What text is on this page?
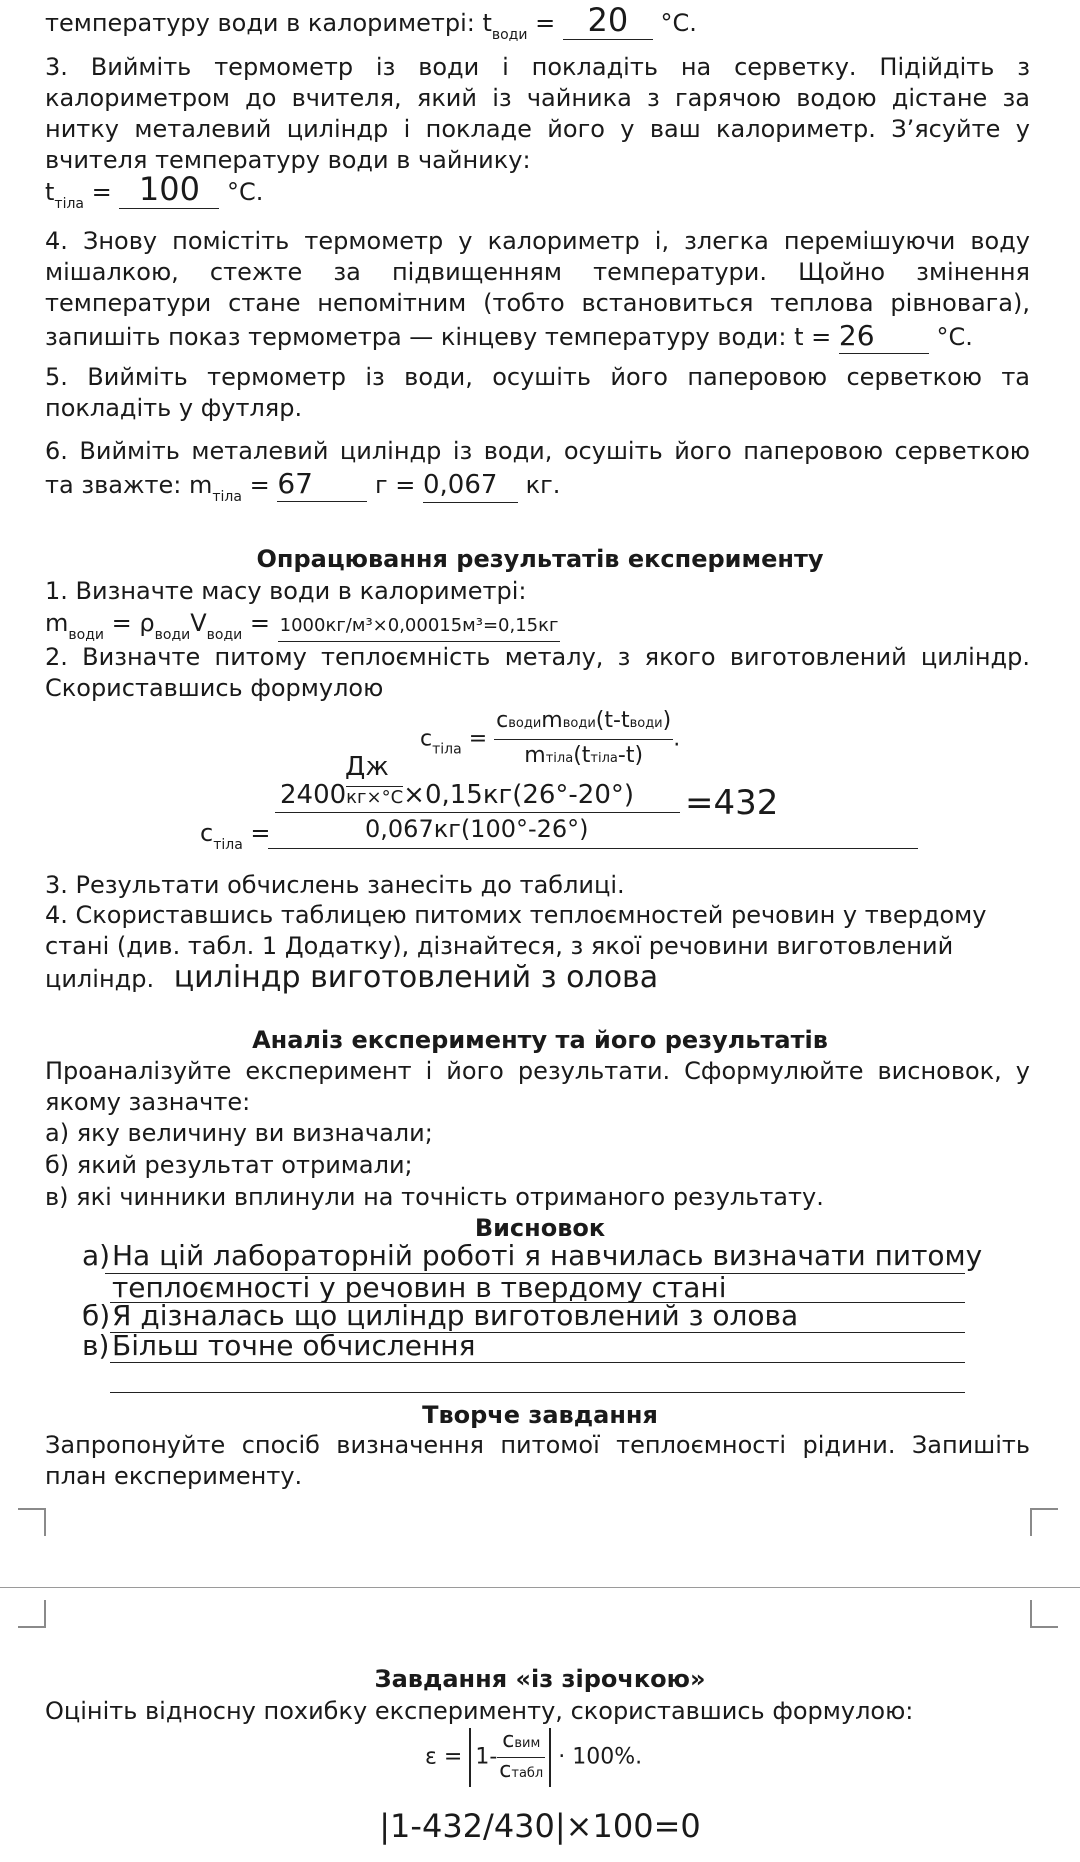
температуру води в калориметрі: $t_{води} = 20$ °С.

3. Вийміть термометр із води і покладіть на серветку. Підійдіть з калориметром до вчителя, який із чайника з гарячою водою дістане за нитку металевий циліндр і покладе його у ваш калориметр. З’ясуйте у вчителя температуру води в чайнику:

$t_{тіла} = 100$ °С.

4. Знову помістіть термометр у калориметр і, злегка перемішуючи воду мішалкою, стежте за підвищенням температури. Щойно змінення температури стане непомітним (тобто встановиться теплова рівновага), запишіть показ термометра — кінцеву температуру води: t = 26	°С.

5. Вийміть термометр із води, осушіть його паперовою серветкою та покладіть у футляр.

6. Вийміть металевий циліндр із води, осушіть його паперовою серветкою та зважте: $m_{тіла} = 67$	г = 0,067 кг.

Опрацювання результатів експерименту

1. Визначте масу води в калориметрі:

$m_{води} = \rho_{води}V_{води} = 1000кг/м^3\times 0,00015м^3=0,15кг$

2. Визначте питому теплоємність металу, з якого виготовлений циліндр. Скориставшись формулою

$c_{тіла} = \frac{\text{cводиmводи(t-tводи)}}{\text{mтіла(tтіла-t)}}$ .
$c_{тіла}$ =
Дж
2400кг×°С×0,15кг(26°-20°)
0,067кг(100°-26°)
=432

3. Результати обчислень занесіть до таблиці.

4. Скориставшись таблицею питомих теплоємностей речовин у твердому стані (див. табл. 1 Додатку), дізнайтеся, з якої речовини виготовлений циліндр. циліндр виготовлений з олова

Аналіз експерименту та його результатів

Проаналізуйте експеримент і його результати. Сформулюйте висновок, у якому зазначте:

а) яку величину ви визначали;

б) який результат отримали;

в) які чинники вплинули на точність отриманого результату.

Висновок

а) На цій лабораторній роботі я навчилась визначати питому
теплоємності у речовин в твердому стані
б) Я дізналась що циліндр виготовлений з олова
в) Більш точне обчислення

Творче завдання

Запропонуйте спосіб визначення питомої теплоємності рідини. Запишіть план експерименту.

Завдання «із зірочкою»

Оцініть відносну похибку експерименту, скориставшись формулою:

$\varepsilon = 1- \frac{\text{cвим}}{\text{cтабл}} \cdot 100\%$.

|1-432/430|×100=0
